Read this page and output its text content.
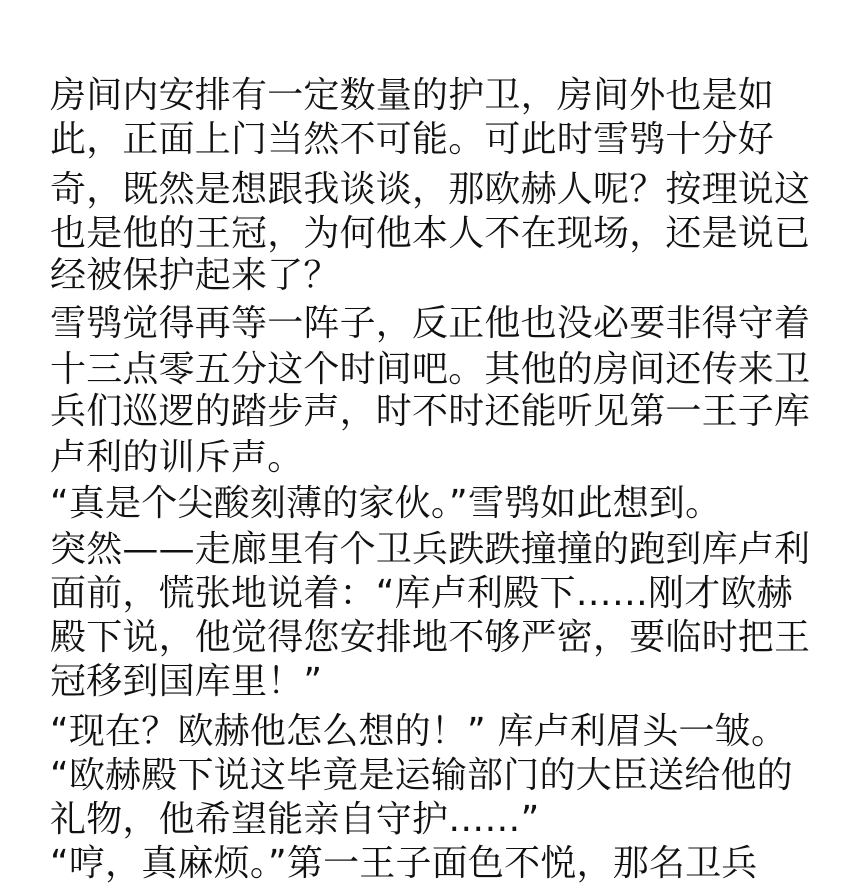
房间内安排有一定数量的护卫，房间外也是如
此，正面上门当然不可能。可此时雪鸮十分好
奇，既然是想跟我谈谈，那欧赫人呢？按理说这
也是他的王冠，为何他本人不在现场，还是说已
经被保护起来了？
雪鸮觉得再等一阵子，反正他也没必要非得守着
十三点零五分这个时间吧。其他的房间还传来卫
兵们巡逻的踏步声，时不时还能听见第一王子库
卢利的训斥声。
“真是个尖酸刻薄的家伙。”雪鸮如此想到。
突然——走廊里有个卫兵跌跌撞撞的跑到库卢利
面前，慌张地说着：“库卢利殿下……刚才欧赫
殿下说，他觉得您安排地不够严密，要临时把王
冠移到国库里！”
“现在？欧赫他怎么想的！” 库卢利眉头一皱。
“欧赫殿下说这毕竟是运输部门的大臣送给他的
礼物，他希望能亲自守护……”
“哼，真麻烦。”第一王子面色不悦，那名卫兵
